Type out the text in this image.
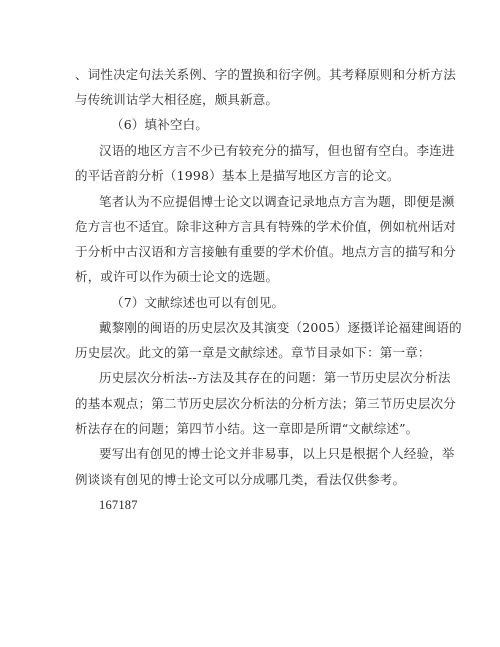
、词性决定句法关系例、字的置换和衍字例。其考释原则和分析方法
与传统训诂学大相径庭，颇具新意。
（6）填补空白。
汉语的地区方言不少已有较充分的描写，但也留有空白。李连进
的平话音韵分析（1998）基本上是描写地区方言的论文。
笔者认为不应提倡博士论文以调查记录地点方言为题，即便是濒
危方言也不适宜。除非这种方言具有特殊的学术价值，例如杭州话对
于分析中古汉语和方言接触有重要的学术价值。地点方言的描写和分
析，或许可以作为硕士论文的选题。
（7）文献综述也可以有创见。
戴黎刚的闽语的历史层次及其演变（2005）逐摄详论福建闽语的
历史层次。此文的第一章是文献综述。章节目录如下：第一章：
历史层次分析法--方法及其存在的问题：第一节历史层次分析法
的基本观点；第二节历史层次分析法的分析方法；第三节历史层次分
析法存在的问题；第四节小结。这一章即是所谓“文献综述”。
要写出有创见的博士论文并非易事，以上只是根据个人经验，举
例谈谈有创见的博士论文可以分成哪几类，看法仅供参考。
167187
